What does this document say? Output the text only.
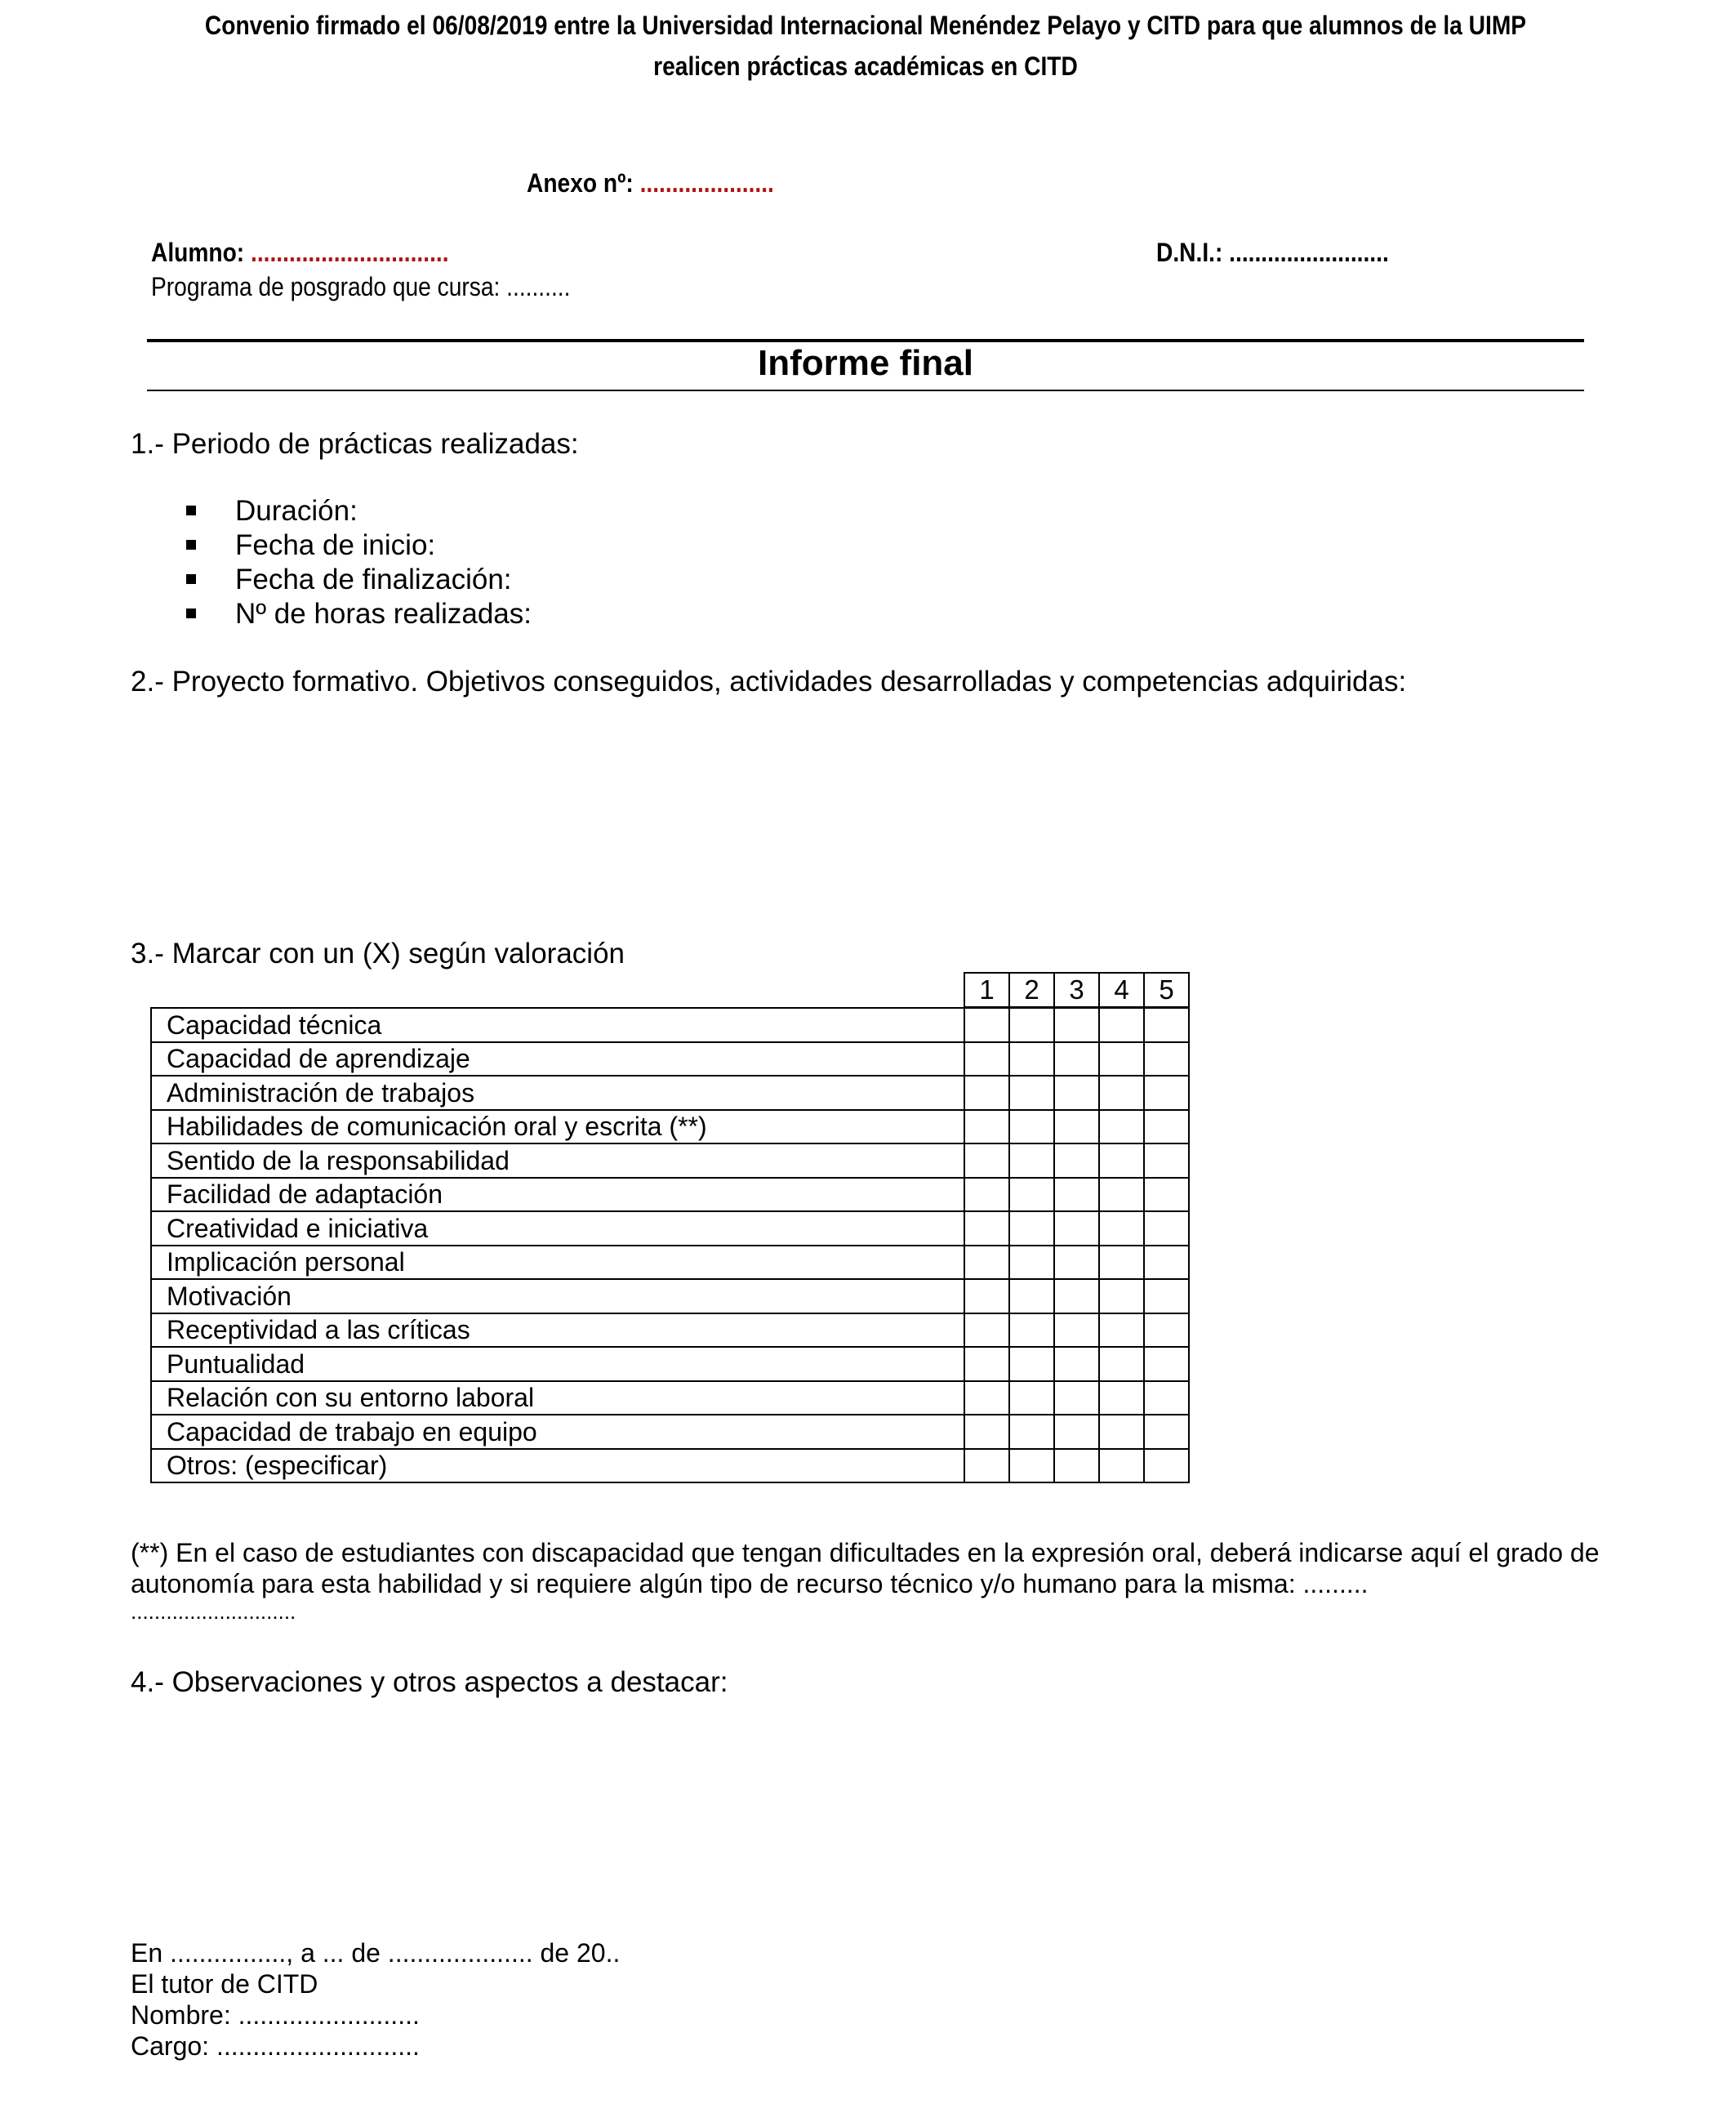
Convenio firmado el 06/08/2019 entre la Universidad Internacional Menéndez Pelayo y CITD para que alumnos de la UIMP
realicen prácticas académicas en CITD
Anexo nº: .....................
Alumno: ...............................	D.N.I.: .........................
Programa de posgrado que cursa: ..........
Informe final
1.- Periodo de prácticas realizadas:
Duración:
Fecha de inicio:
Fecha de finalización:
Nº de horas realizadas:
2.- Proyecto formativo. Objetivos conseguidos, actividades desarrolladas y competencias adquiridas:
3.- Marcar con un (X) según valoración
1	2	3	4	5
Capacidad técnica					
Capacidad de aprendizaje					
Administración de trabajos					
Habilidades de comunicación oral y escrita (**)					
Sentido de la responsabilidad					
Facilidad de adaptación					
Creatividad e iniciativa					
Implicación personal					
Motivación					
Receptividad a las críticas					
Puntualidad					
Relación con su entorno laboral					
Capacidad de trabajo en equipo					
Otros: (especificar)					
(**) En el caso de estudiantes con discapacidad que tengan dificultades en la expresión oral, deberá indicarse aquí el grado de
autonomía para esta habilidad y si requiere algún tipo de recurso técnico y/o humano para la misma: .........
............................
4.- Observaciones y otros aspectos a destacar:
En ................, a ... de .................... de 20..
El tutor de CITD
Nombre: .........................
Cargo: ............................
